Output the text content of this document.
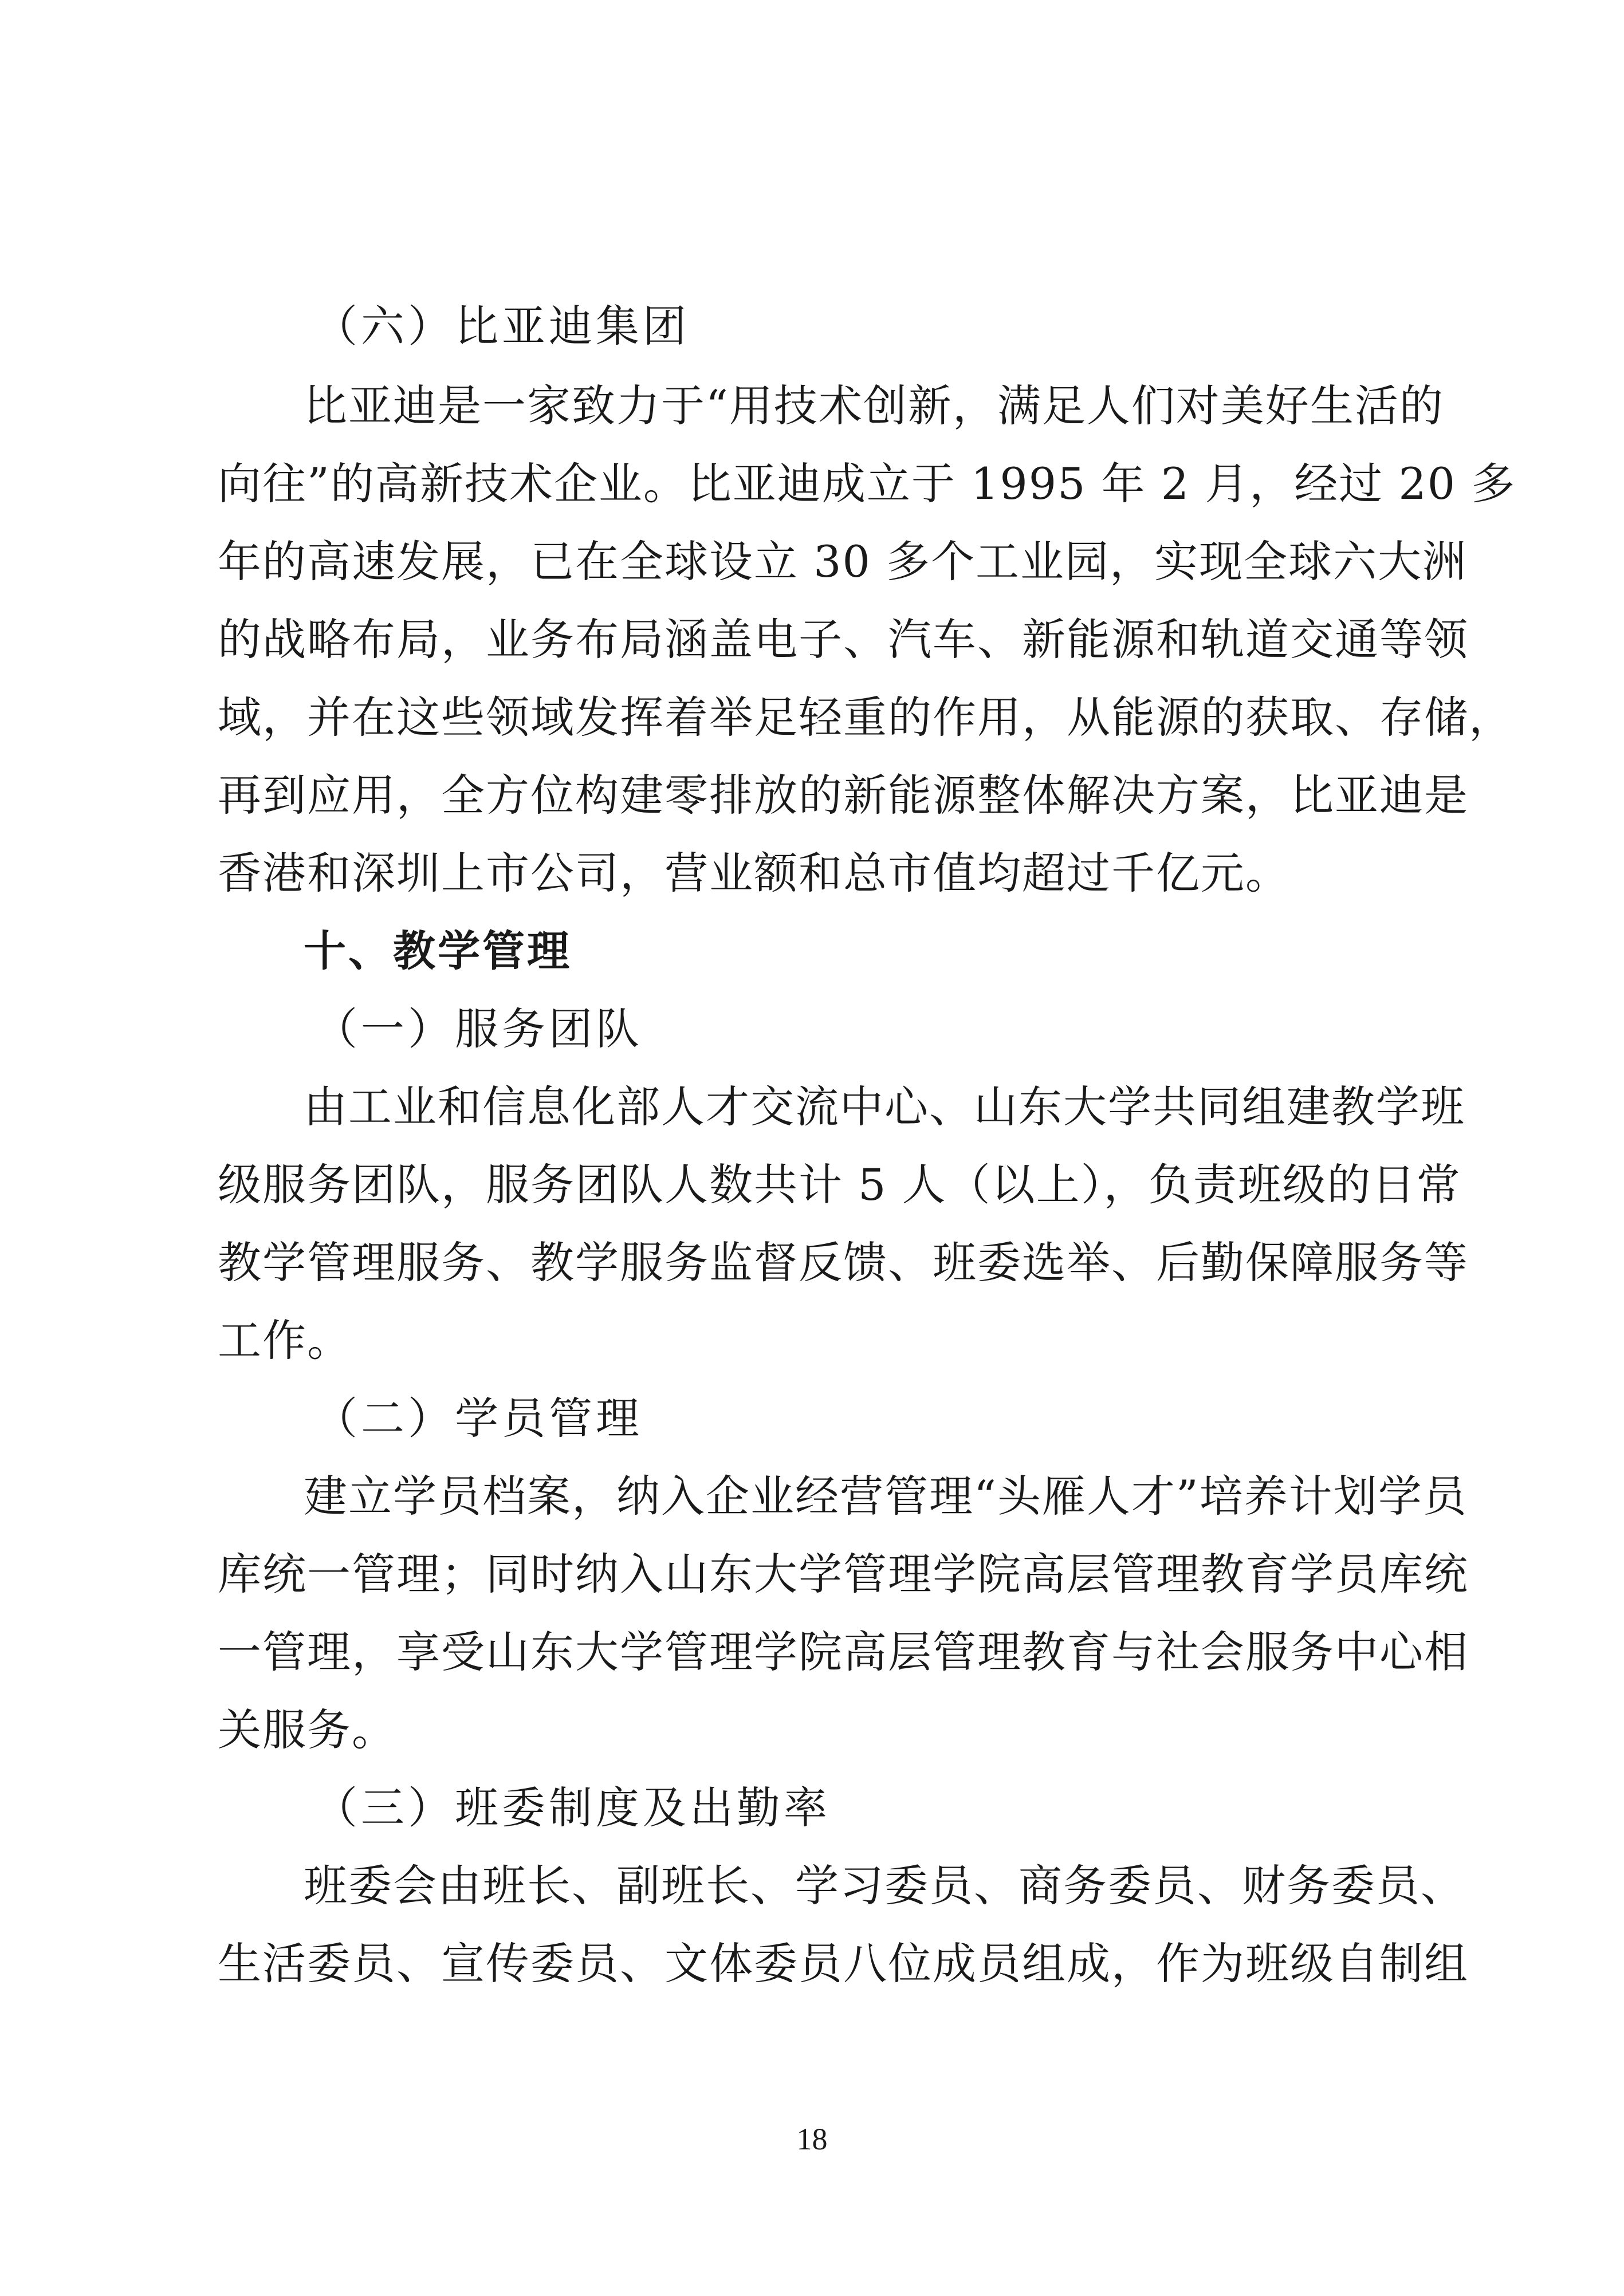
（六）比亚迪集团
比亚迪是一家致力于“用技术创新，满足人们对美好生活的
向往”的高新技术企业。比亚迪成立于 1995 年 2 月，经过 20 多
年的高速发展，已在全球设立 30 多个工业园，实现全球六大洲
的战略布局，业务布局涵盖电子、汽车、新能源和轨道交通等领
域，并在这些领域发挥着举足轻重的作用，从能源的获取、存储，
再到应用，全方位构建零排放的新能源整体解决方案，比亚迪是
香港和深圳上市公司，营业额和总市值均超过千亿元。
十、教学管理
（一）服务团队
由工业和信息化部人才交流中心、山东大学共同组建教学班
级服务团队，服务团队人数共计 5 人（以上），负责班级的日常
教学管理服务、教学服务监督反馈、班委选举、后勤保障服务等
工作。
（二）学员管理
建立学员档案，纳入企业经营管理“头雁人才”培养计划学员
库统一管理；同时纳入山东大学管理学院高层管理教育学员库统
一管理，享受山东大学管理学院高层管理教育与社会服务中心相
关服务。
（三）班委制度及出勤率
班委会由班长、副班长、学习委员、商务委员、财务委员、
生活委员、宣传委员、文体委员八位成员组成，作为班级自制组
18
